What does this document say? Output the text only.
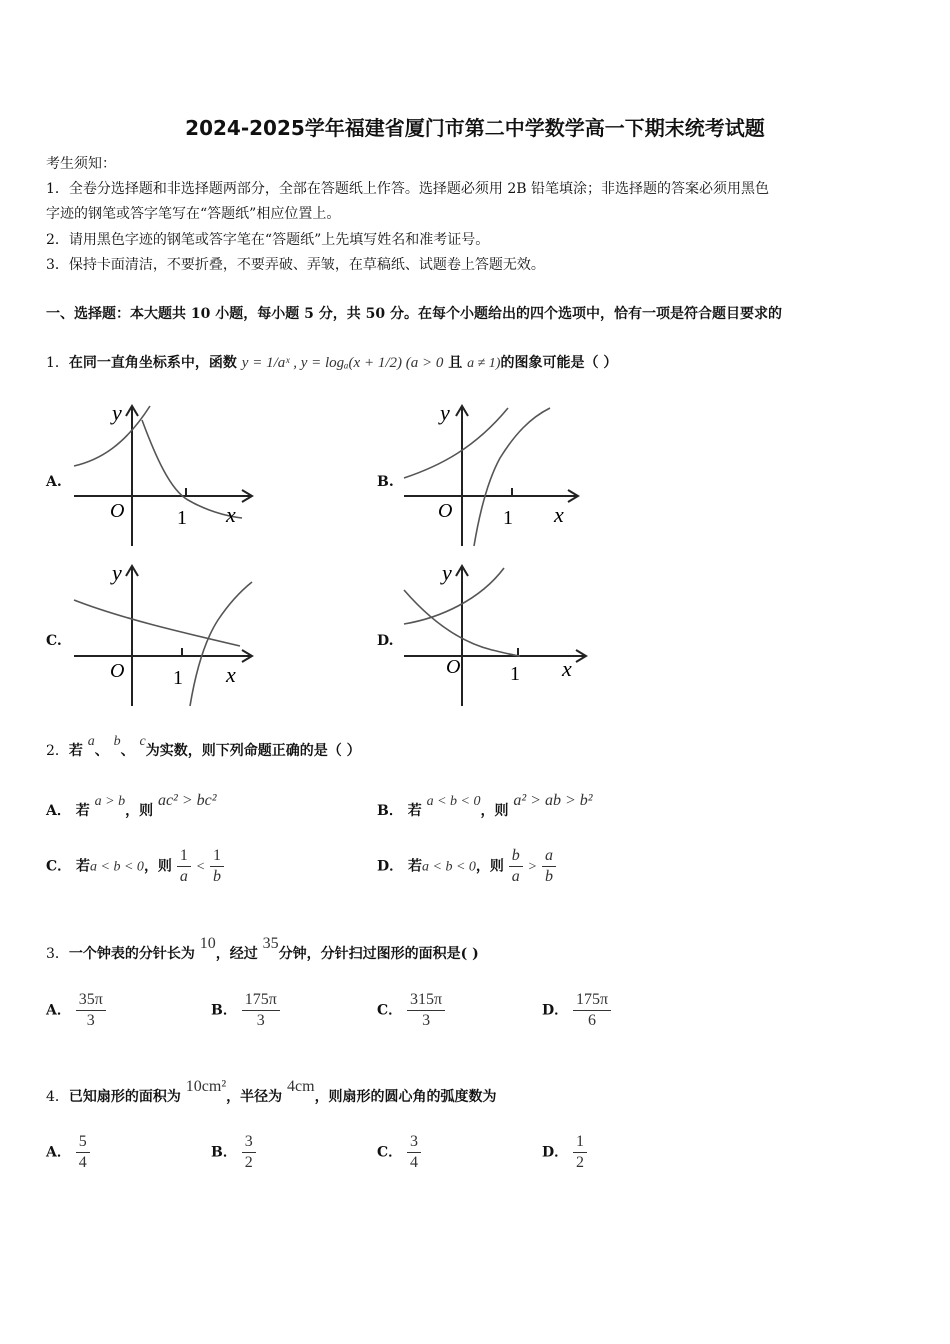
2024-2025学年福建省厦门市第二中学数学高一下期末统考试题
考生须知：
1．全卷分选择题和非选择题两部分，全部在答题纸上作答。选择题必须用 2B 铅笔填涂；非选择题的答案必须用黑色
字迹的钢笔或答字笔写在“答题纸”相应位置上。
2．请用黑色字迹的钢笔或答字笔在“答题纸”上先填写姓名和准考证号。
3．保持卡面清洁，不要折叠，不要弄破、弄皱，在草稿纸、试题卷上答题无效。
一、选择题：本大题共 10 小题，每小题 5 分，共 50 分。在每个小题给出的四个选项中，恰有一项是符合题目要求的
1．在同一直角坐标系中，函数 y = 1/aˣ , y = logₐ(x + 1/2) (a > 0 且 a ≠ 1)的图象可能是（ ）
A.	B.
C.	D.
y
O	1 x
y
O	1 x
y
O 1 x
y
O 1 x
2．若 a、 b、 c为实数，则下列命题正确的是（ ）
A． 若 a > b，则 ac² > bc²
B． 若 a < b < 0，则 a² > ab > b²
C． 若a < b < 0，则 $\frac{1}{a} < \frac{1}{b}$	D． 若a < b < 0，则 $\frac{b}{a} > \frac{a}{b}$
3．一个钟表的分针长为 10，经过 35分钟，分针扫过图形的面积是( )
A． $\frac{35\pi}{3}$	B． $\frac{175\pi}{3}$	C． $\frac{315\pi}{3}$	D． $\frac{175\pi}{6}$
4．已知扇形的面积为 10cm²，半径为 4cm，则扇形的圆心角的弧度数为
A． $\frac{5}{4}$	B． $\frac{3}{2}$	C． $\frac{3}{4}$	D． $\frac{1}{2}$
